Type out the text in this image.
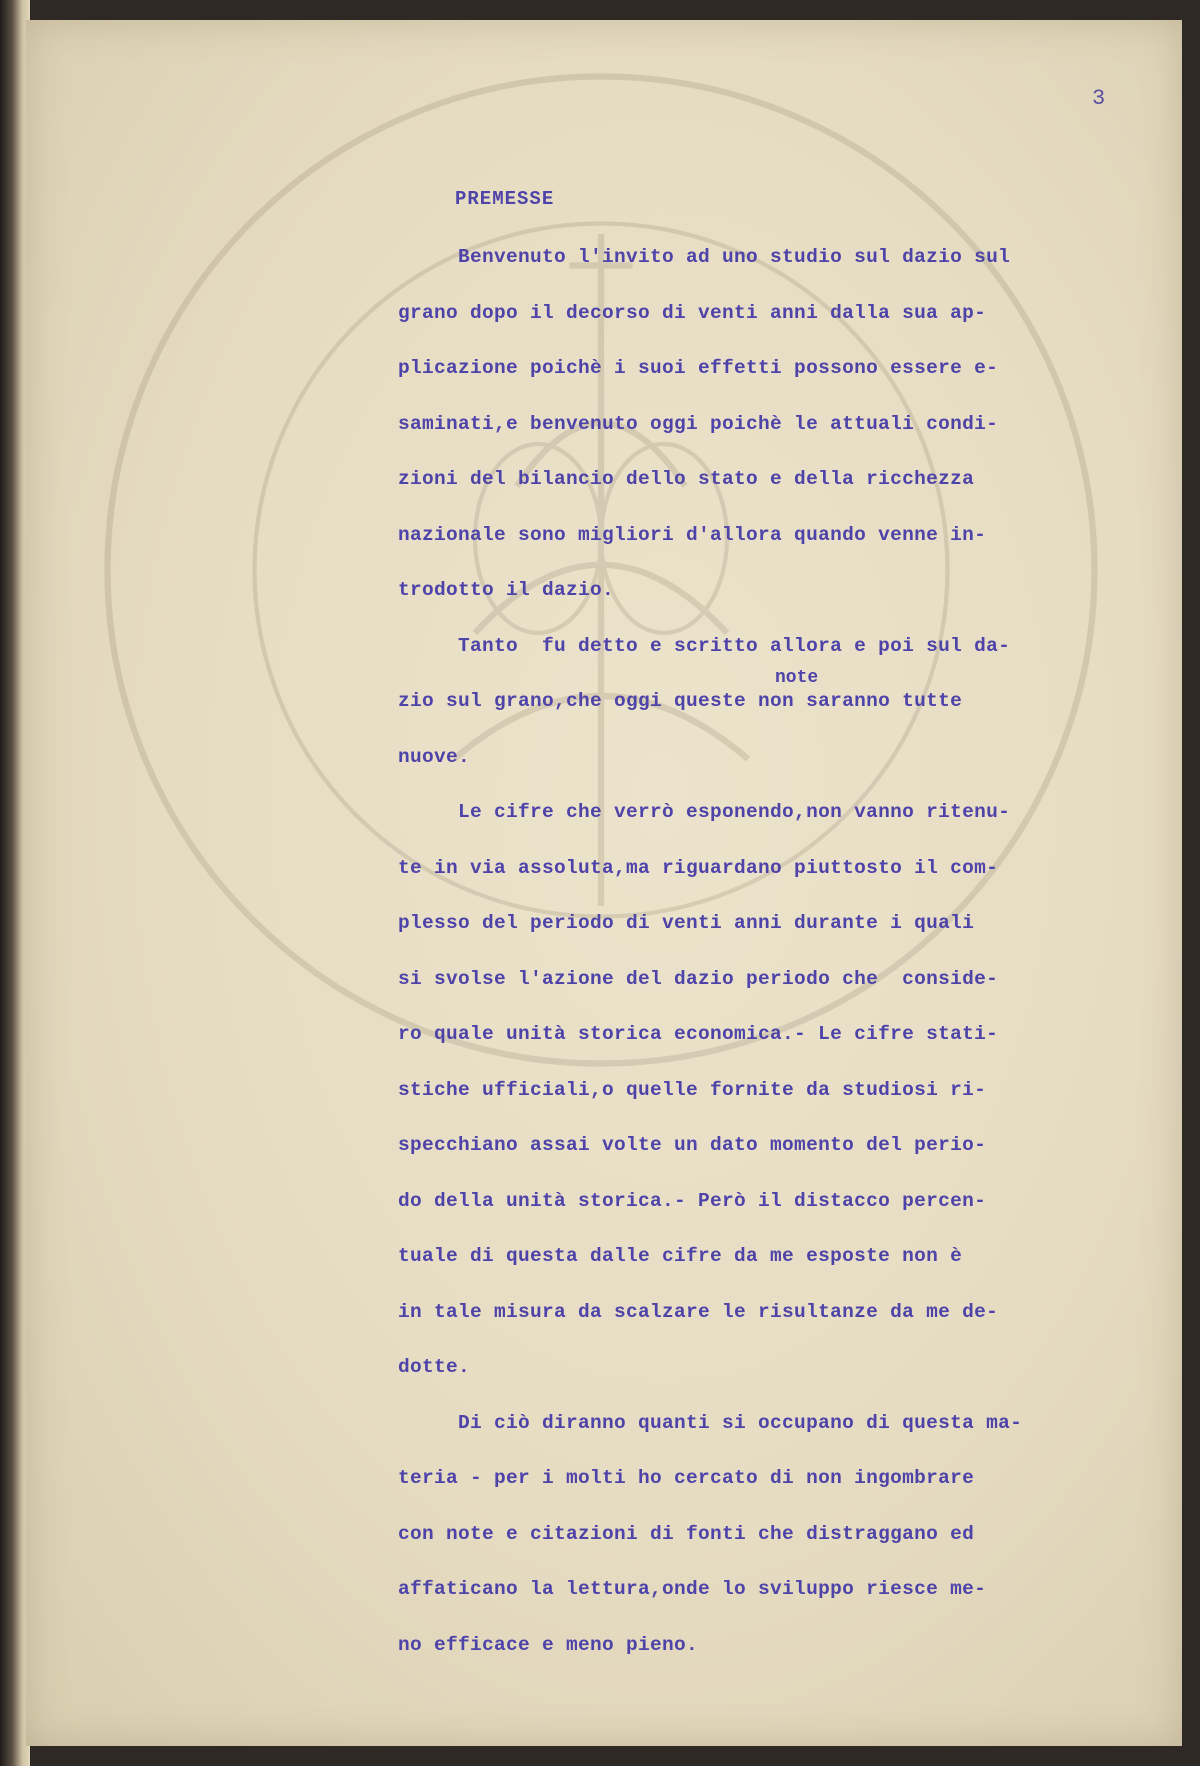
3
PREMESSE
Benvenuto l'invito ad uno studio sul dazio sul
grano dopo il decorso di venti anni dalla sua ap-
plicazione poichè i suoi effetti possono essere e-
saminati,e benvenuto oggi poichè le attuali condi-
zioni del bilancio dello stato e della ricchezza
nazionale sono migliori d'allora quando venne in-
trodotto il dazio.
Tanto  fu detto e scritto allora e poi sul da-
zio sul grano,che oggi queste non saranno tutte
nuove.
Le cifre che verrò esponendo,non vanno ritenu-
te in via assoluta,ma riguardano piuttosto il com-
plesso del periodo di venti anni durante i quali
si svolse l'azione del dazio periodo che  conside-
ro quale unità storica economica.- Le cifre stati-
stiche ufficiali,o quelle fornite da studiosi ri-
specchiano assai volte un dato momento del perio-
do della unità storica.- Però il distacco percen-
tuale di questa dalle cifre da me esposte non è
in tale misura da scalzare le risultanze da me de-
dotte.
Di ciò diranno quanti si occupano di questa ma-
teria - per i molti ho cercato di non ingombrare
con note e citazioni di fonti che distraggano ed
affaticano la lettura,onde lo sviluppo riesce me-
no efficace e meno pieno.
note
